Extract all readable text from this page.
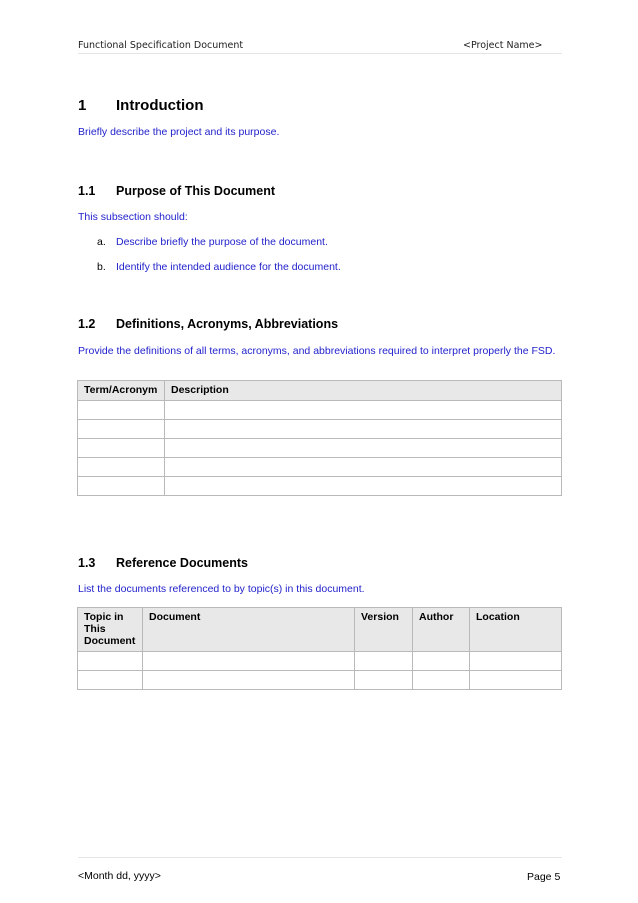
Functional Specification Document	<Project Name>
1 Introduction

Briefly describe the project and its purpose.

1.1 Purpose of This Document

This subsection should:

a. Describe briefly the purpose of the document.

b. Identify the intended audience for the document.

1.2 Definitions, Acronyms, Abbreviations

Provide the definitions of all terms, acronyms, and abbreviations required to interpret properly the FSD.

Term/Acronym	Description

1.3 Reference Documents

List the documents referenced to by topic(s) in this document.

Topic in This Document	Document	Version	Author	Location

<Month dd, yyyy>	Page 5
